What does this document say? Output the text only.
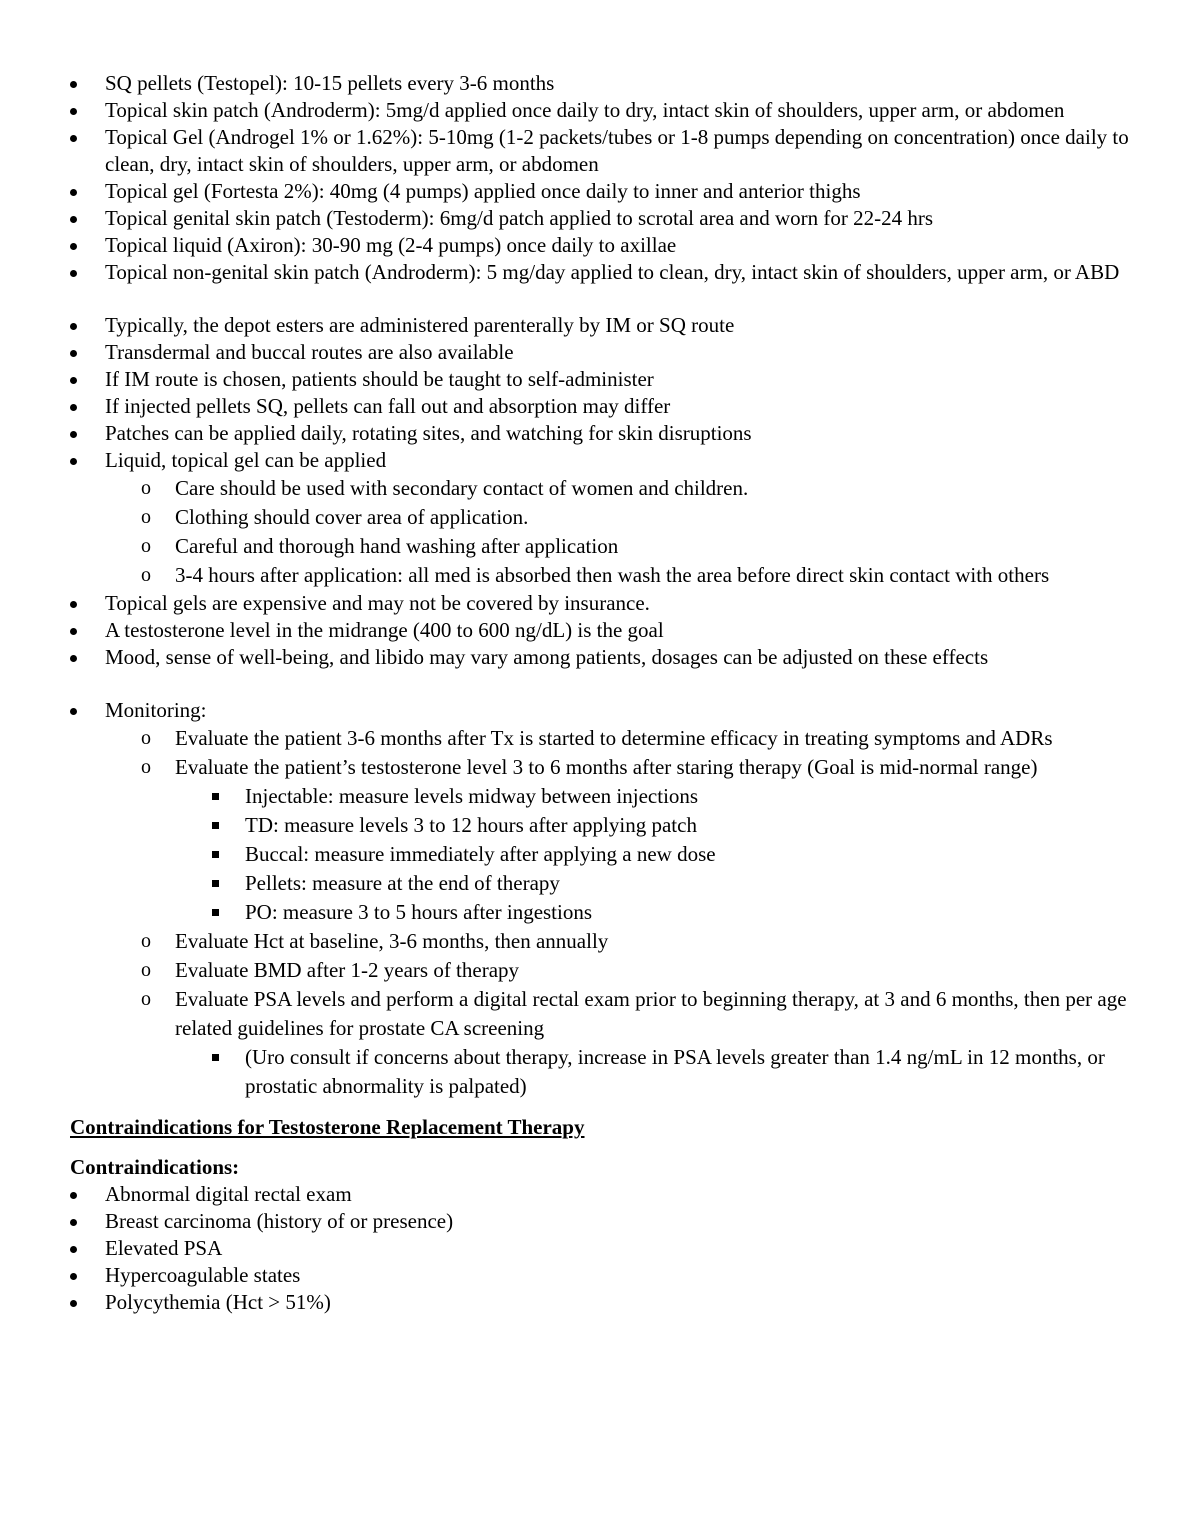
SQ pellets (Testopel): 10-15 pellets every 3-6 months
Topical skin patch (Androderm): 5mg/d applied once daily to dry, intact skin of shoulders, upper arm, or abdomen
Topical Gel (Androgel 1% or 1.62%): 5-10mg (1-2 packets/tubes or 1-8 pumps depending on concentration) once daily to clean, dry, intact skin of shoulders, upper arm, or abdomen
Topical gel (Fortesta 2%): 40mg (4 pumps) applied once daily to inner and anterior thighs
Topical genital skin patch (Testoderm): 6mg/d patch applied to scrotal area and worn for 22-24 hrs
Topical liquid (Axiron): 30-90 mg (2-4 pumps) once daily to axillae
Topical non-genital skin patch (Androderm): 5 mg/day applied to clean, dry, intact skin of shoulders, upper arm, or ABD
Typically, the depot esters are administered parenterally by IM or SQ route
Transdermal and buccal routes are also available
If IM route is chosen, patients should be taught to self-administer
If injected pellets SQ, pellets can fall out and absorption may differ
Patches can be applied daily, rotating sites, and watching for skin disruptions
Liquid, topical gel can be applied
o Care should be used with secondary contact of women and children.
o Clothing should cover area of application.
o Careful and thorough hand washing after application
o 3-4 hours after application: all med is absorbed then wash the area before direct skin contact with others
Topical gels are expensive and may not be covered by insurance.
A testosterone level in the midrange (400 to 600 ng/dL) is the goal
Mood, sense of well-being, and libido may vary among patients, dosages can be adjusted on these effects
Monitoring:
o Evaluate the patient 3-6 months after Tx is started to determine efficacy in treating symptoms and ADRs
o Evaluate the patient’s testosterone level 3 to 6 months after staring therapy (Goal is mid-normal range)
Injectable: measure levels midway between injections
TD: measure levels 3 to 12 hours after applying patch
Buccal: measure immediately after applying a new dose
Pellets: measure at the end of therapy
PO: measure 3 to 5 hours after ingestions
o Evaluate Hct at baseline, 3-6 months, then annually
o Evaluate BMD after 1-2 years of therapy
o Evaluate PSA levels and perform a digital rectal exam prior to beginning therapy, at 3 and 6 months, then per age related guidelines for prostate CA screening
(Uro consult if concerns about therapy, increase in PSA levels greater than 1.4 ng/mL in 12 months, or prostatic abnormality is palpated)
Contraindications for Testosterone Replacement Therapy
Contraindications:
Abnormal digital rectal exam
Breast carcinoma (history of or presence)
Elevated PSA
Hypercoagulable states
Polycythemia (Hct > 51%)
